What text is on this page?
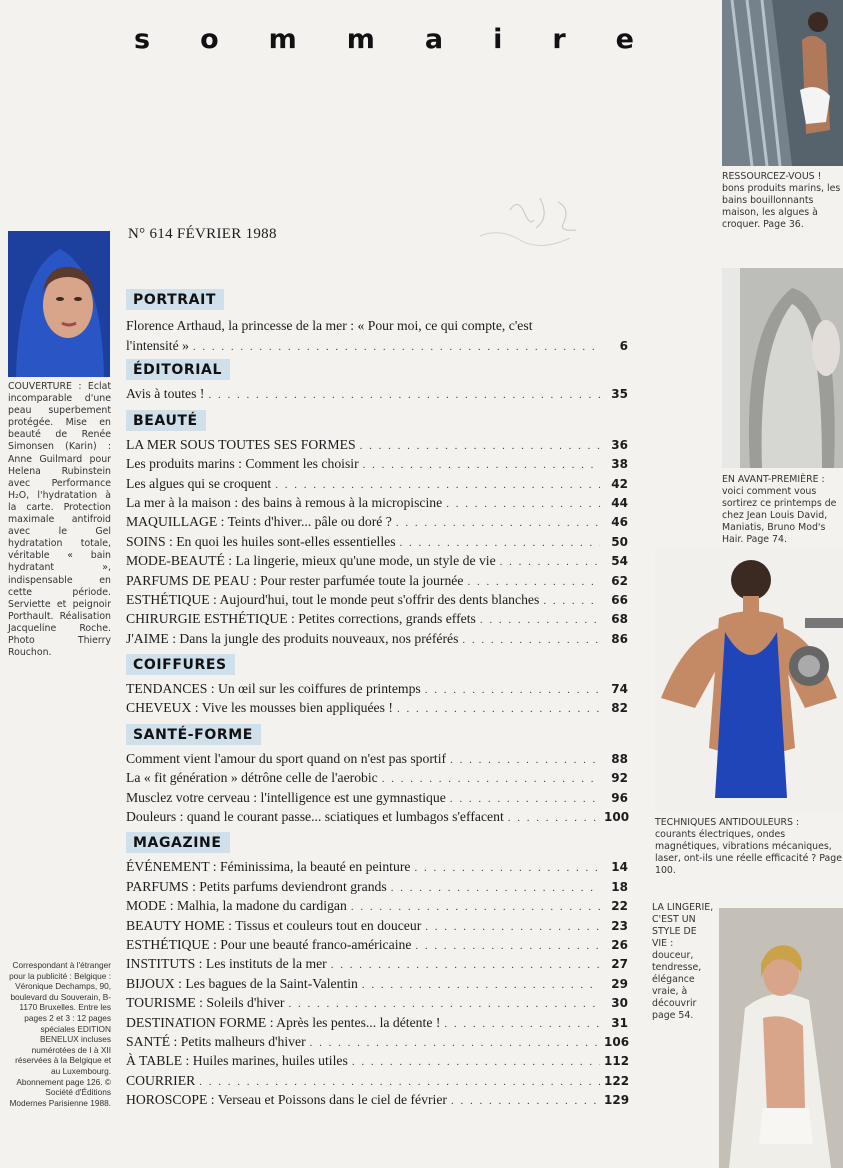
s o m m a i r e
N° 614 FÉVRIER 1988
COUVERTURE : Eclat incomparable d'une peau superbement protégée. Mise en beauté de Renée Simonsen (Karin) : Anne Guilmard pour Helena Rubinstein avec Performance H₂O, l'hydratation à la carte. Protection maximale antifroid avec le Gel hydratation totale, véritable « bain hydratant », indispensable en cette période. Serviette et peignoir Porthault. Réalisation Jacqueline Roche. Photo Thierry Rouchon.
Correspondant à l'étranger pour la publicité : Belgique : Véronique Dechamps, 90, boulevard du Souverain, B-1170 Bruxelles. Entre les pages 2 et 3 : 12 pages spéciales EDITION BENELUX incluses numérotées de I à XII réservées à la Belgique et au Luxembourg. Abonnement page 126. © Société d'Éditions Modernes Parisienne 1988.
PORTRAIT

Florence Arthaud, la princesse de la mer : « Pour moi, ce qui compte, c'est
l'intensité » . . .	6
ÉDITORIAL

Avis à toutes ! . . .	35
BEAUTÉ

LA MER SOUS TOUTES SES FORMES . . .	36
Les produits marins : Comment les choisir . . .	38
Les algues qui se croquent . . .	42
La mer à la maison : des bains à remous à la micropiscine . . .	44
MAQUILLAGE : Teints d'hiver... pâle ou doré ? . . .	46
SOINS : En quoi les huiles sont-elles essentielles . . .	50
MODE-BEAUTÉ : La lingerie, mieux qu'une mode, un style de vie . . .	54
PARFUMS DE PEAU : Pour rester parfumée toute la journée . . .	62
ESTHÉTIQUE : Aujourd'hui, tout le monde peut s'offrir des dents blanches . . .	66
CHIRURGIE ESTHÉTIQUE : Petites corrections, grands effets . . .	68
J'AIME : Dans la jungle des produits nouveaux, nos préférés . . .	86
COIFFURES

TENDANCES : Un œil sur les coiffures de printemps . . .	74
CHEVEUX : Vive les mousses bien appliquées ! . . .	82
SANTÉ-FORME

Comment vient l'amour du sport quand on n'est pas sportif . . .	88
La « fit génération » détrône celle de l'aerobic . . .	92
Musclez votre cerveau : l'intelligence est une gymnastique . . .	96
Douleurs : quand le courant passe... sciatiques et lumbagos s'effacent . . .	100
MAGAZINE

ÉVÉNEMENT : Féminissima, la beauté en peinture . . .	14
PARFUMS : Petits parfums deviendront grands . . .	18
MODE : Malhia, la madone du cardigan . . .	22
BEAUTY HOME : Tissus et couleurs tout en douceur . . .	23
ESTHÉTIQUE : Pour une beauté franco-américaine . . .	26
INSTITUTS : Les instituts de la mer . . .	27
BIJOUX : Les bagues de la Saint-Valentin . . .	29
TOURISME : Soleils d'hiver . . .	30
DESTINATION FORME : Après les pentes... la détente ! . . .	31
SANTÉ : Petits malheurs d'hiver . . .	106
À TABLE : Huiles marines, huiles utiles . . .	112
COURRIER . . .	122
HOROSCOPE : Verseau et Poissons dans le ciel de février . . .	129
RESSOURCEZ-VOUS ! bons produits marins, les bains bouillonnants maison, les algues à croquer. Page 36.
EN AVANT-PREMIÈRE : voici comment vous sortirez ce printemps de chez Jean Louis David, Maniatis, Bruno Mod's Hair. Page 74.
TECHNIQUES ANTIDOULEURS : courants électriques, ondes magnétiques, vibrations mécaniques, laser, ont-ils une réelle efficacité ? Page 100.
LA LINGERIE, C'EST UN STYLE DE VIE : douceur, tendresse, élégance vraie, à découvrir page 54.
